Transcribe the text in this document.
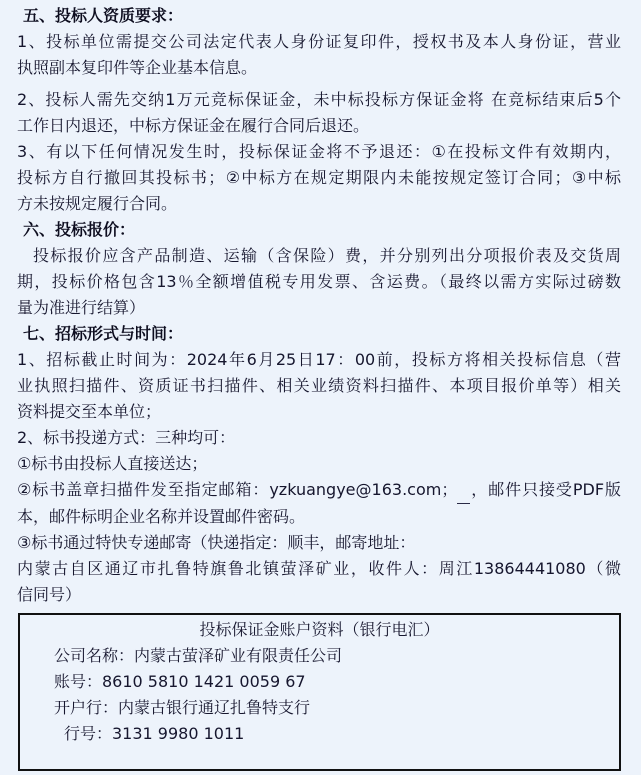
五、投标人资质要求：
1、投标单位需提交公司法定代表人身份证复印件，授权书及本人身份证，营业
执照副本复印件等企业基本信息。
2、投标人需先交纳1万元竞标保证金，未中标投标方保证金将 在竞标结束后5个
工作日内退还，中标方保证金在履行合同后退还。
3、有以下任何情况发生时，投标保证金将不予退还：①在投标文件有效期内，
投标方自行撤回其投标书；②中标方在规定期限内未能按规定签订合同；③中标
方未按规定履行合同。
六、投标报价：
投标报价应含产品制造、运输（含保险）费，并分别列出分项报价表及交货周
期，投标价格包含13％全额增值税专用发票、含运费。（最终以需方实际过磅数
量为准进行结算）
七、招标形式与时间：
1、招标截止时间为：2024年6月25日17：00前，投标方将相关投标信息（营
业执照扫描件、资质证书扫描件、相关业绩资料扫描件、本项目报价单等）相关
资料提交至本单位；
2、标书投递方式：三种均可：
①标书由投标人直接送达；
②标书盖章扫描件发至指定邮箱：yzkuangye@163.com； ，邮件只接受PDF版
本，邮件标明企业名称并设置邮件密码。
③标书通过特快专递邮寄（快递指定：顺丰，邮寄地址：
内蒙古自区通辽市扎鲁特旗鲁北镇萤泽矿业，收件人：周江13864441080（微
信同号）
投标保证金账户资料（银行电汇）
公司名称：内蒙古萤泽矿业有限责任公司
账号：8610 5810 1421 0059 67
开户行：内蒙古银行通辽扎鲁特支行
行号：3131 9980 1011
